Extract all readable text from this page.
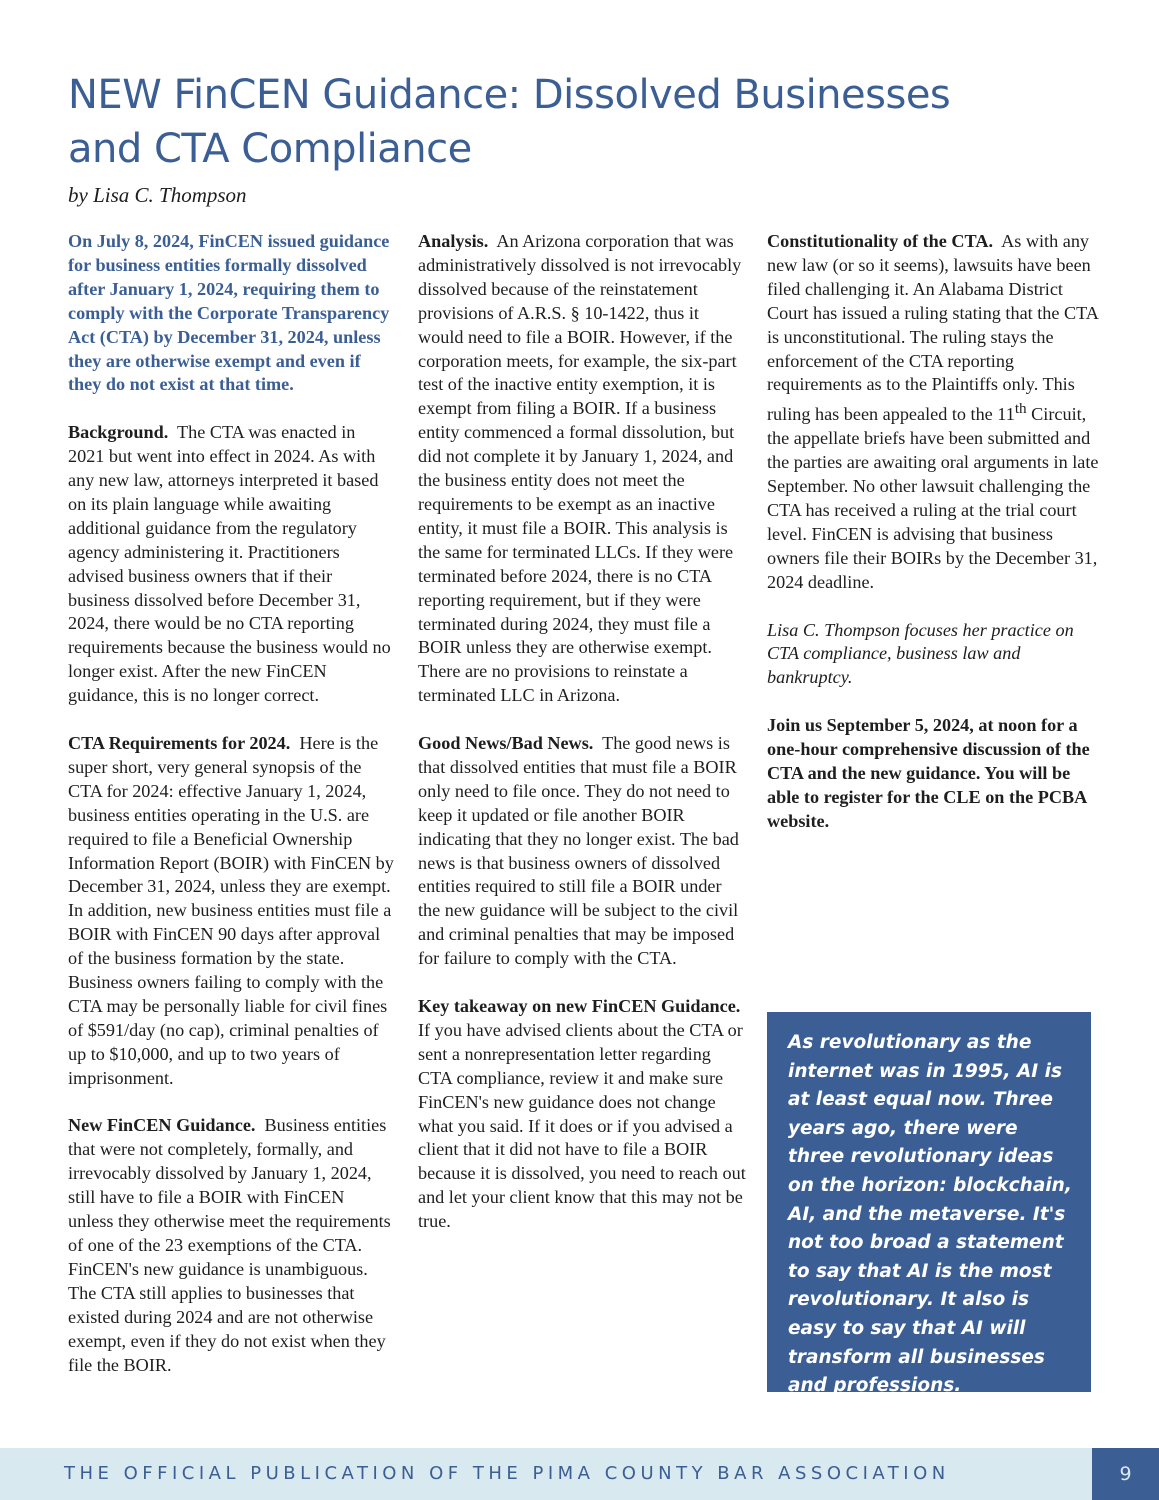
NEW FinCEN Guidance: Dissolved Businesses
and CTA Compliance

by Lisa C. Thompson

On July 8, 2024, FinCEN issued guidance for business entities formally dissolved after January 1, 2024, requiring them to comply with the Corporate Transparency Act (CTA) by December 31, 2024, unless they are otherwise exempt and even if they do not exist at that time.

Background. The CTA was enacted in 2021 but went into effect in 2024. As with any new law, attorneys interpreted it based on its plain language while awaiting additional guidance from the regulatory agency administering it. Practitioners advised business owners that if their business dissolved before December 31, 2024, there would be no CTA reporting requirements because the business would no longer exist. After the new FinCEN guidance, this is no longer correct.

CTA Requirements for 2024. Here is the super short, very general synopsis of the CTA for 2024: effective January 1, 2024, business entities operating in the U.S. are required to file a Beneficial Ownership Information Report (BOIR) with FinCEN by December 31, 2024, unless they are exempt. In addition, new business entities must file a BOIR with FinCEN 90 days after approval of the business formation by the state. Business owners failing to comply with the CTA may be personally liable for civil fines of $591/day (no cap), criminal penalties of up to $10,000, and up to two years of imprisonment.

New FinCEN Guidance. Business entities that were not completely, formally, and irrevocably dissolved by January 1, 2024, still have to file a BOIR with FinCEN unless they otherwise meet the requirements of one of the 23 exemptions of the CTA. FinCEN's new guidance is unambiguous. The CTA still applies to businesses that existed during 2024 and are not otherwise exempt, even if they do not exist when they file the BOIR.

Analysis. An Arizona corporation that was administratively dissolved is not irrevocably dissolved because of the reinstatement provisions of A.R.S. § 10-1422, thus it would need to file a BOIR. However, if the corporation meets, for example, the six-part test of the inactive entity exemption, it is exempt from filing a BOIR. If a business entity commenced a formal dissolution, but did not complete it by January 1, 2024, and the business entity does not meet the requirements to be exempt as an inactive entity, it must file a BOIR. This analysis is the same for terminated LLCs. If they were terminated before 2024, there is no CTA reporting requirement, but if they were terminated during 2024, they must file a BOIR unless they are otherwise exempt. There are no provisions to reinstate a terminated LLC in Arizona.

Good News/Bad News. The good news is that dissolved entities that must file a BOIR only need to file once. They do not need to keep it updated or file another BOIR indicating that they no longer exist. The bad news is that business owners of dissolved entities required to still file a BOIR under the new guidance will be subject to the civil and criminal penalties that may be imposed for failure to comply with the CTA.

Key takeaway on new FinCEN Guidance.  If you have advised clients about the CTA or sent a nonrepresentation letter regarding CTA compliance, review it and make sure FinCEN's new guidance does not change what you said. If it does or if you advised a client that it did not have to file a BOIR because it is dissolved, you need to reach out and let your client know that this may not be true.

Constitutionality of the CTA. As with any new law (or so it seems), lawsuits have been filed challenging it. An Alabama District Court has issued a ruling stating that the CTA is unconstitutional. The ruling stays the enforcement of the CTA reporting requirements as to the Plaintiffs only. This ruling has been appealed to the 11th Circuit, the appellate briefs have been submitted and the parties are awaiting oral arguments in late September. No other lawsuit challenging the CTA has received a ruling at the trial court level. FinCEN is advising that business owners file their BOIRs by the December 31, 2024 deadline.

Lisa C. Thompson focuses her practice on CTA compliance, business law and bankruptcy.

Join us September 5, 2024, at noon for a one-hour comprehensive discussion of the CTA and the new guidance. You will be able to register for the CLE on the PCBA website.

As revolutionary as the internet was in 1995, AI is at least equal now. Three years ago, there were three revolutionary ideas on the horizon: blockchain, AI, and the metaverse. It's not too broad a statement to say that AI is the most revolutionary. It also is easy to say that AI will transform all businesses and professions.
THE OFFICIAL PUBLICATION OF THE PIMA COUNTY BAR ASSOCIATION	9
